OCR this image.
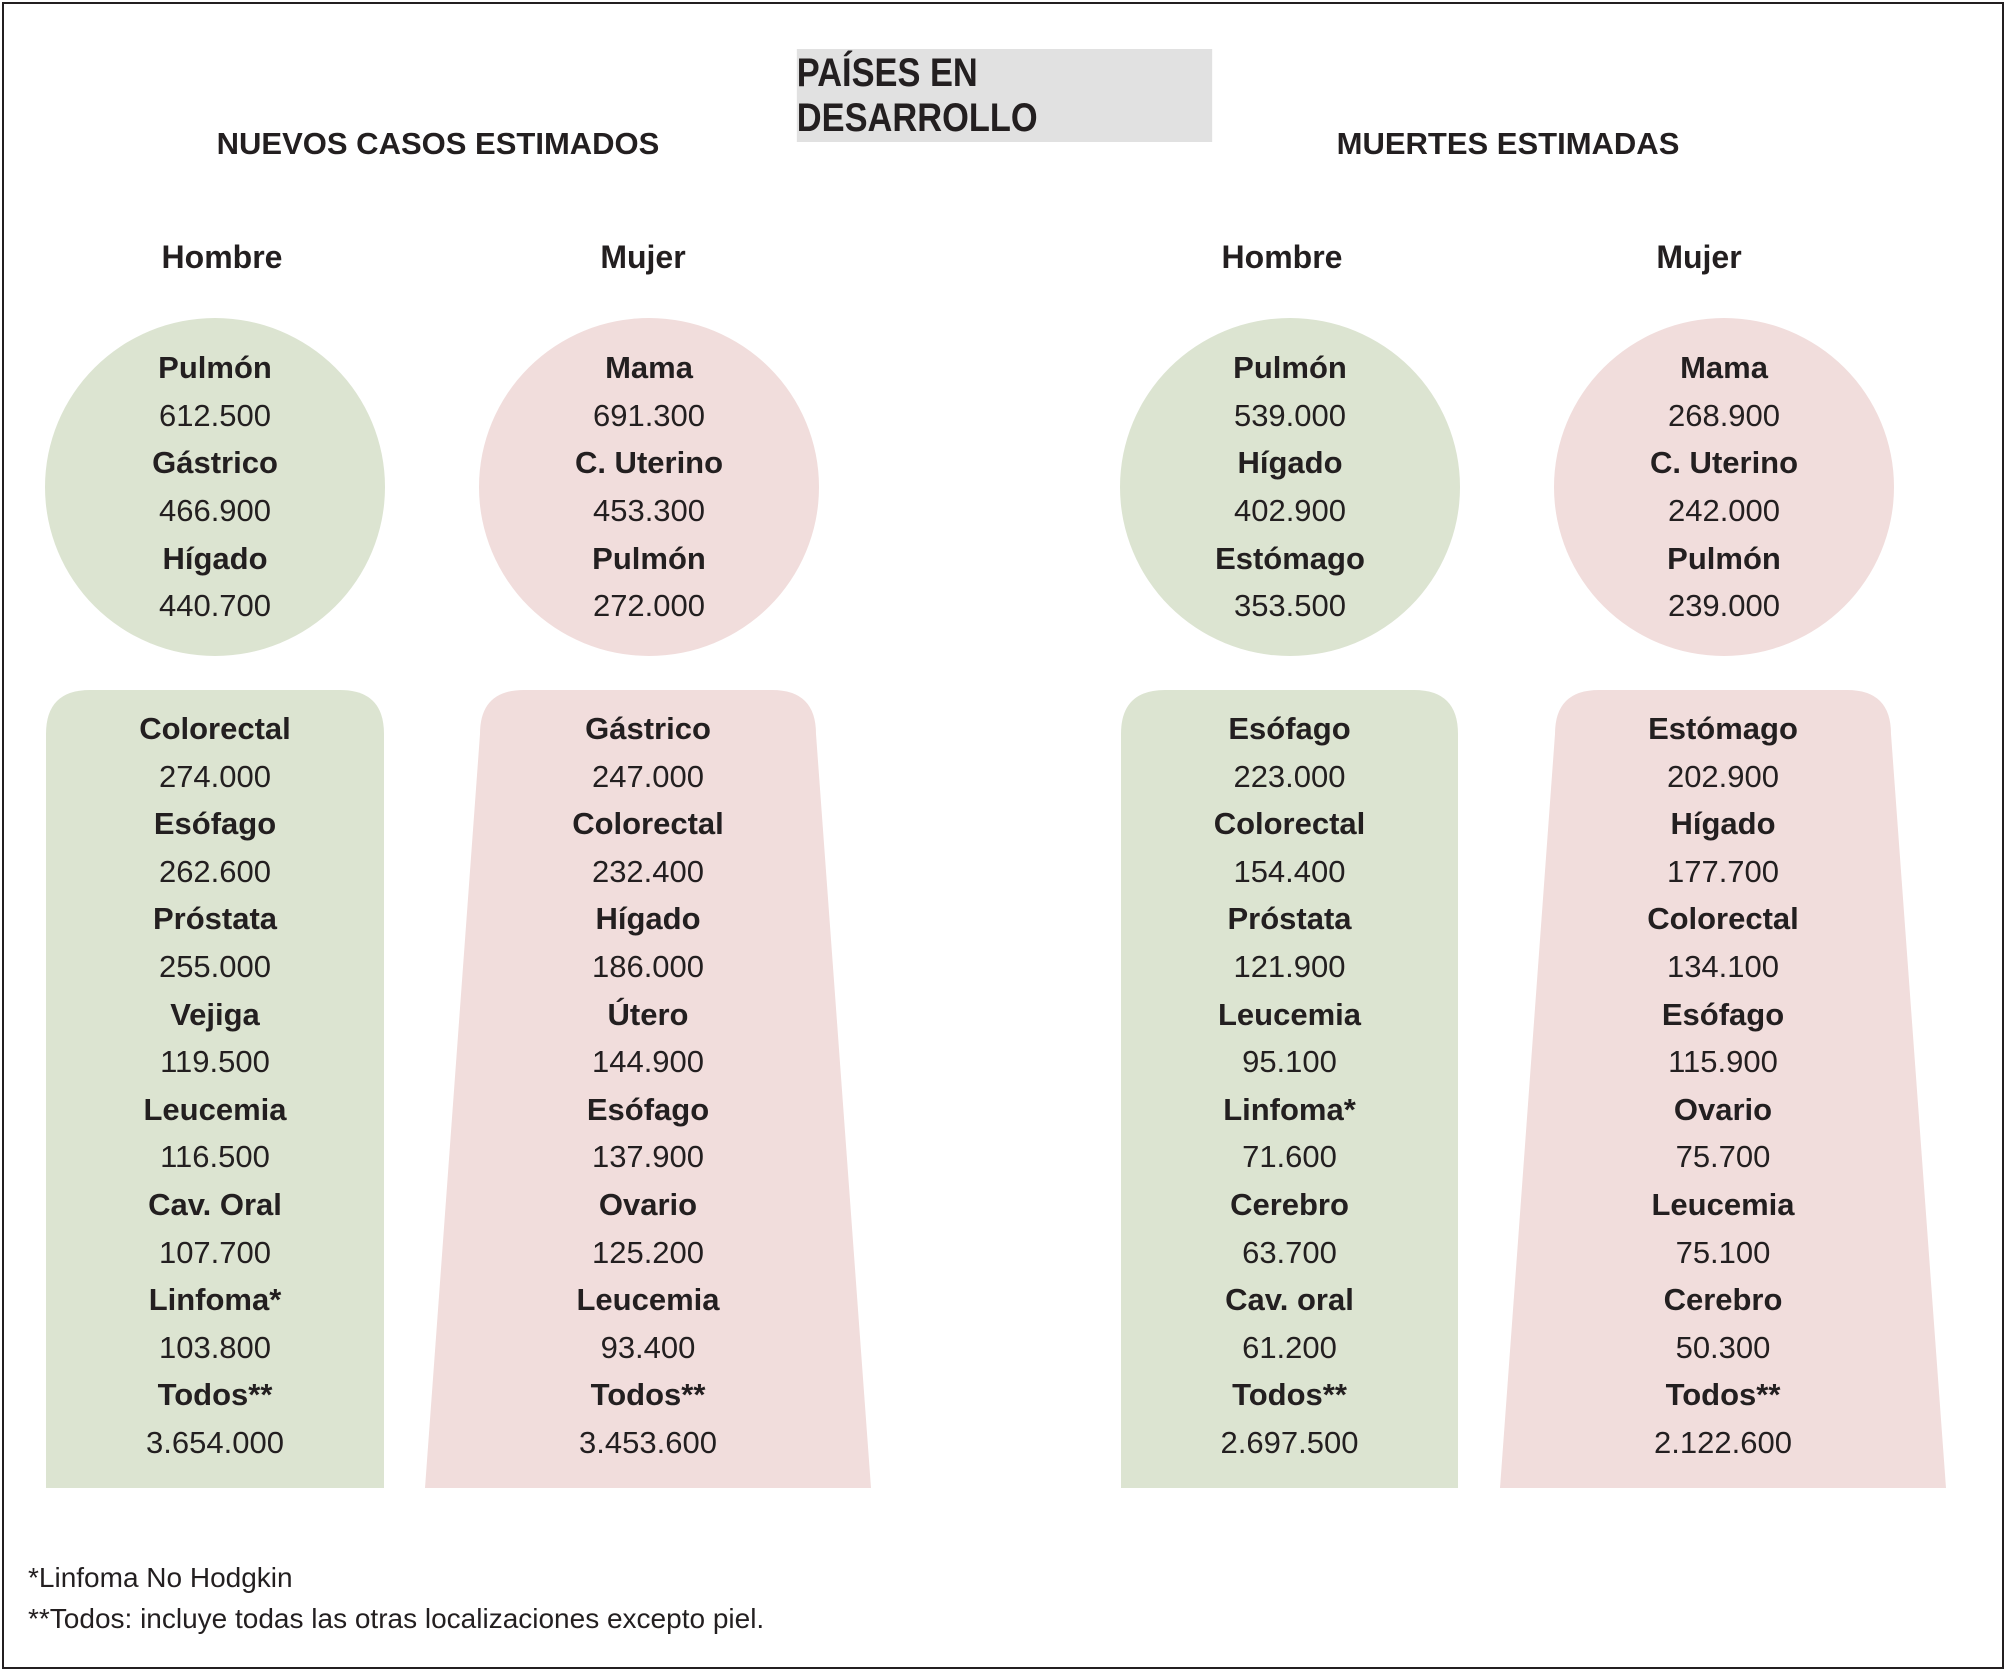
PAÍSES EN DESARROLLO
NUEVOS CASOS ESTIMADOS	MUERTES ESTIMADAS
Hombre	Mujer	Hombre	Mujer
Pulmón
612.500
Gástrico
466.900
Hígado
440.700
Mama
691.300
C. Uterino
453.300
Pulmón
272.000
Pulmón
539.000
Hígado
402.900
Estómago
353.500
Mama
268.900
C. Uterino
242.000
Pulmón
239.000
Colorectal
274.000
Esófago
262.600
Próstata
255.000
Vejiga
119.500
Leucemia
116.500
Cav. Oral
107.700
Linfoma*
103.800
Todos**
3.654.000
Gástrico
247.000
Colorectal
232.400
Hígado
186.000
Útero
144.900
Esófago
137.900
Ovario
125.200
Leucemia
93.400
Todos**
3.453.600
Esófago
223.000
Colorectal
154.400
Próstata
121.900
Leucemia
95.100
Linfoma*
71.600
Cerebro
63.700
Cav. oral
61.200
Todos**
2.697.500
Estómago
202.900
Hígado
177.700
Colorectal
134.100
Esófago
115.900
Ovario
75.700
Leucemia
75.100
Cerebro
50.300
Todos**
2.122.600
*Linfoma No Hodgkin
**Todos: incluye todas las otras localizaciones excepto piel.
